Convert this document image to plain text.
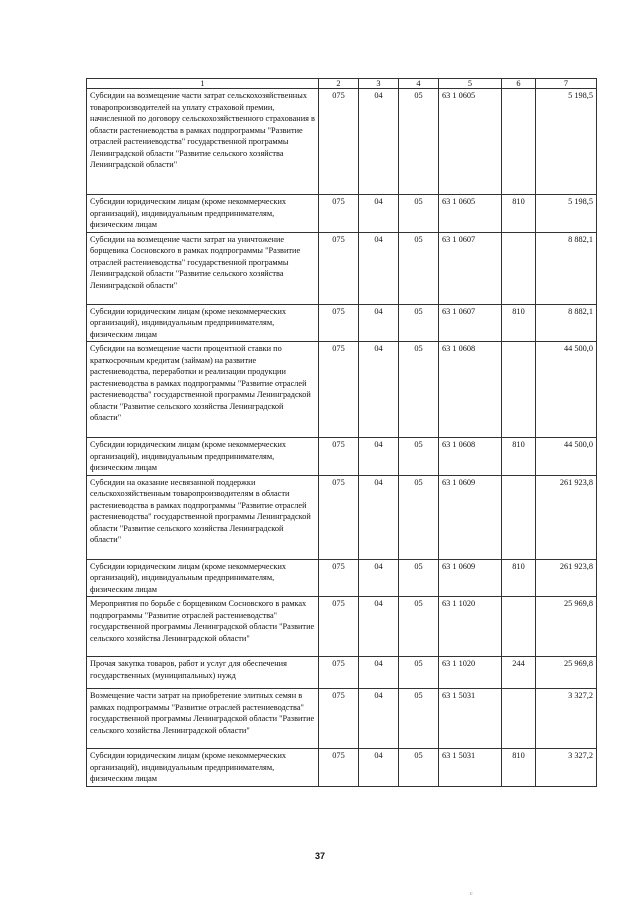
1	2	3	4	5	6	7
Субсидии на возмещение части затрат сельскохозяйственных товаропроизводителей на уплату страховой премии, начисленной по договору сельскохозяйственного страхования в области растениеводства в рамках подпрограммы "Развитие отраслей растениеводства" государственной программы Ленинградской области "Развитие сельского хозяйства Ленинградской области"	075	04	05	63 1 0605		5 198,5
Субсидии юридическим лицам (кроме некоммерческих организаций), индивидуальным предпринимателям, физическим лицам	075	04	05	63 1 0605	810	5 198,5
Субсидии на возмещение части затрат на уничтожение борщевика Сосновского в рамках подпрограммы "Развитие отраслей растениеводства" государственной программы Ленинградской области "Развитие сельского хозяйства Ленинградской области"	075	04	05	63 1 0607		8 882,1
Субсидии юридическим лицам (кроме некоммерческих организаций), индивидуальным предпринимателям, физическим лицам	075	04	05	63 1 0607	810	8 882,1
Субсидии на возмещение части процентной ставки по краткосрочным кредитам (займам) на развитие растениеводства, переработки и реализации продукции растениеводства в рамках подпрограммы "Развитие отраслей растениеводства" государственной программы Ленинградской области "Развитие сельского хозяйства Ленинградской области"	075	04	05	63 1 0608		44 500,0
Субсидии юридическим лицам (кроме некоммерческих организаций), индивидуальным предпринимателям, физическим лицам	075	04	05	63 1 0608	810	44 500,0
Субсидии на оказание несвязанной поддержки сельскохозяйственным товаропроизводителям в области растениеводства в рамках подпрограммы "Развитие отраслей растениеводства" государственной программы Ленинградской области "Развитие сельского хозяйства Ленинградской области"	075	04	05	63 1 0609		261 923,8
Субсидии юридическим лицам (кроме некоммерческих организаций), индивидуальным предпринимателям, физическим лицам	075	04	05	63 1 0609	810	261 923,8
Мероприятия по борьбе с борщевиком Сосновского в рамках подпрограммы "Развитие отраслей растениеводства" государственной программы Ленинградской области "Развитие сельского хозяйства Ленинградской области"	075	04	05	63 1 1020		25 969,8
Прочая закупка товаров, работ и услуг для обеспечения государственных (муниципальных) нужд	075	04	05	63 1 1020	244	25 969,8
Возмещение части затрат на приобретение элитных семян в рамках подпрограммы "Развитие отраслей растениеводства" государственной программы Ленинградской области "Развитие сельского хозяйства Ленинградской области"	075	04	05	63 1 5031		3 327,2
Субсидии юридическим лицам (кроме некоммерческих организаций), индивидуальным предпринимателям, физическим лицам	075	04	05	63 1 5031	810	3 327,2
37
c
